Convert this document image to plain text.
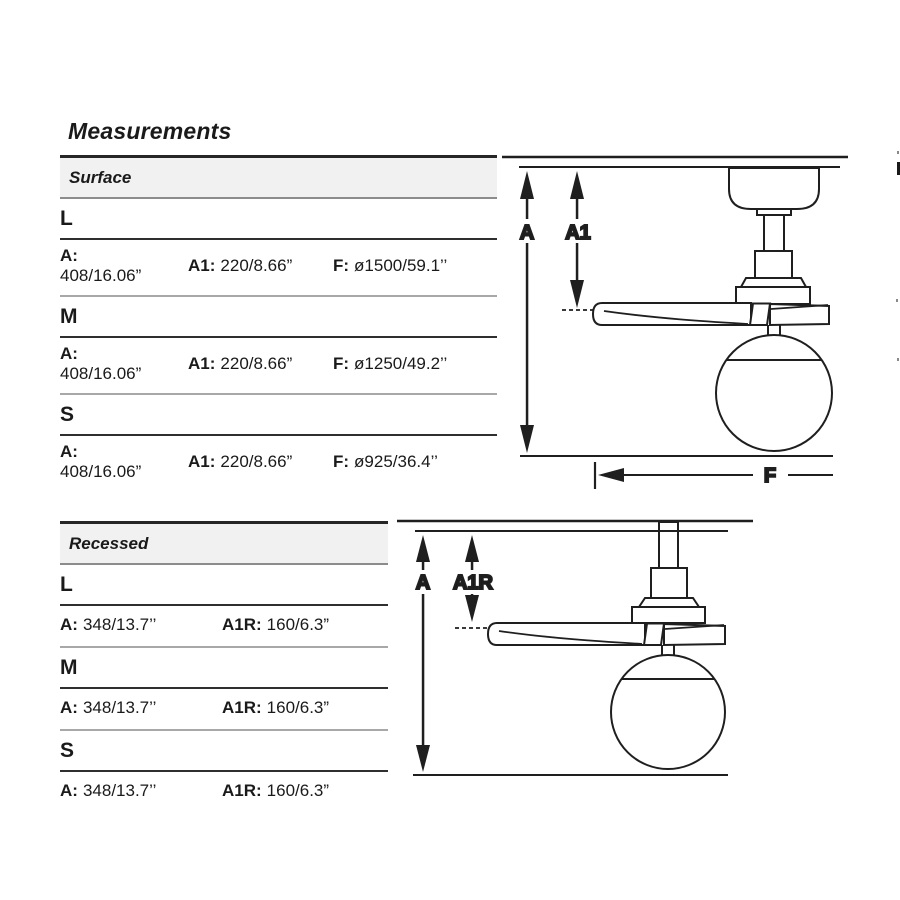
Measurements
Surface
L
A:
408/16.06”
A1: 220/8.66”	F: ø1500/59.1’’
M
A:
408/16.06”
A1: 220/8.66”	F: ø1250/49.2’’
S
A:
408/16.06”
A1: 220/8.66”	F: ø925/36.4’’
Recessed
L
A: 348/13.7’’	A1R: 160/6.3”
M
A: 348/13.7’’	A1R: 160/6.3”
S
A: 348/13.7’’	A1R: 160/6.3”
A A1
F
A A1R
